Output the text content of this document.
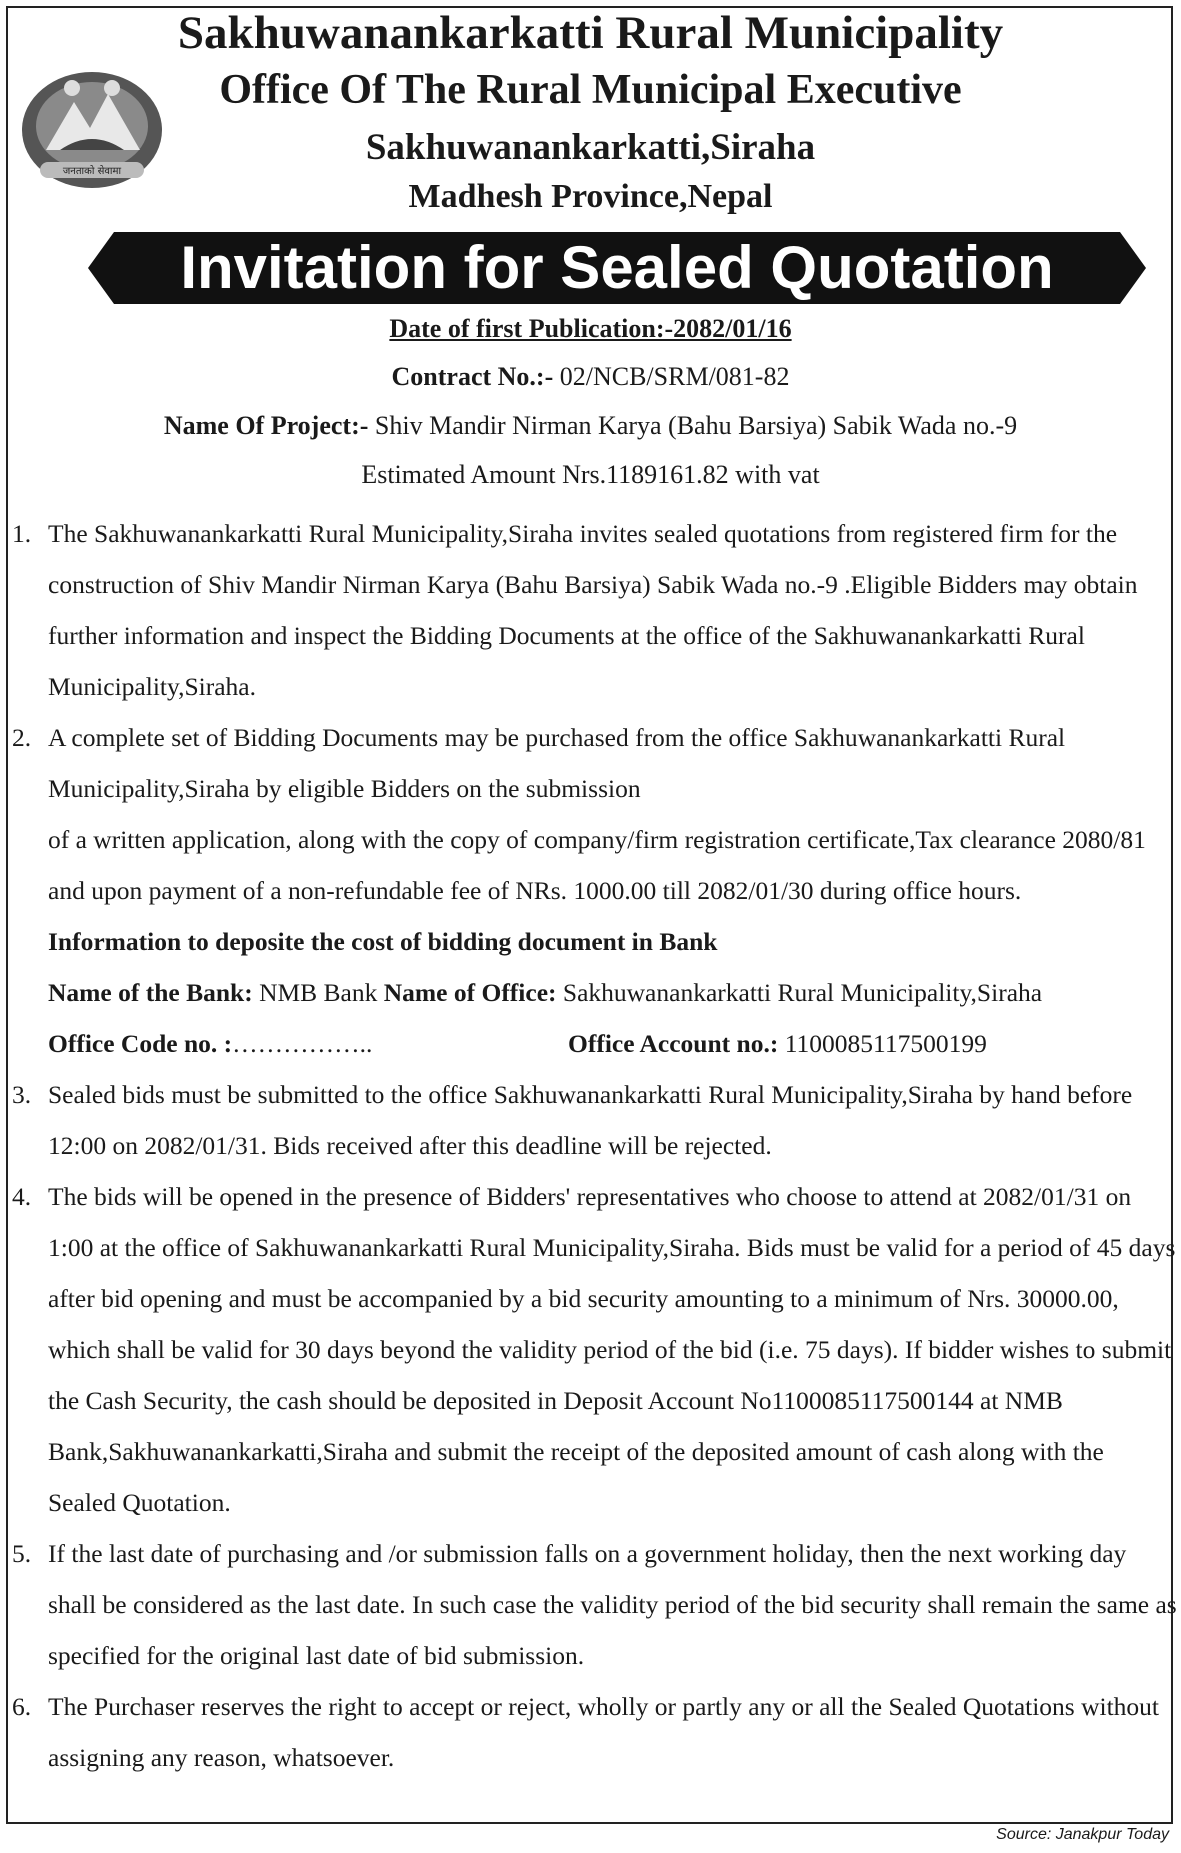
जनताको सेवामा
Sakhuwanankarkatti Rural Municipality
Office Of The Rural Municipal Executive
Sakhuwanankarkatti,Siraha
Madhesh Province,Nepal
Invitation for Sealed Quotation
Date of first Publication:-2082/01/16
Contract No.:- 02/NCB/SRM/081-82
Name Of Project:- Shiv Mandir Nirman Karya (Bahu Barsiya) Sabik Wada no.-9
Estimated Amount Nrs.1189161.82 with vat
1. The Sakhuwanankarkatti Rural Municipality,Siraha invites sealed quotations from registered firm for the construction of Shiv Mandir Nirman Karya (Bahu Barsiya) Sabik Wada no.-9 .Eligible Bidders may obtain further information and inspect the Bidding Documents at the office of the Sakhuwanankarkatti Rural Municipality,Siraha.
2. A complete set of Bidding Documents may be purchased from the office Sakhuwanankarkatti Rural Municipality,Siraha by eligible Bidders on the submission
of a written application, along with the copy of company/firm registration certificate,Tax clearance 2080/81 and upon payment of a non-refundable fee of NRs. 1000.00 till 2082/01/30 during office hours.
Information to deposite the cost of bidding document in Bank
Name of the Bank: NMB Bank Name of Office: Sakhuwanankarkatti Rural Municipality,Siraha
Office Code no. :……………..	Office Account no.: 1100085117500199
3. Sealed bids must be submitted to the office Sakhuwanankarkatti Rural Municipality,Siraha by hand before 12:00 on 2082/01/31. Bids received after this deadline will be rejected.
4. The bids will be opened in the presence of Bidders' representatives who choose to attend at 2082/01/31 on 1:00 at the office of Sakhuwanankarkatti Rural Municipality,Siraha. Bids must be valid for a period of 45 days after bid opening and must be accompanied by a bid security amounting to a minimum of Nrs. 30000.00, which shall be valid for 30 days beyond the validity period of the bid (i.e. 75 days). If bidder wishes to submit the Cash Security, the cash should be deposited in Deposit Account No1100085117500144 at NMB Bank,Sakhuwanankarkatti,Siraha and submit the receipt of the deposited amount of cash along with the Sealed Quotation.
5. If the last date of purchasing and /or submission falls on a government holiday, then the next working day shall be considered as the last date. In such case the validity period of the bid security shall remain the same as specified for the original last date of bid submission.
6. The Purchaser reserves the right to accept or reject, wholly or partly any or all the Sealed Quotations without assigning any reason, whatsoever.
Source: Janakpur Today
